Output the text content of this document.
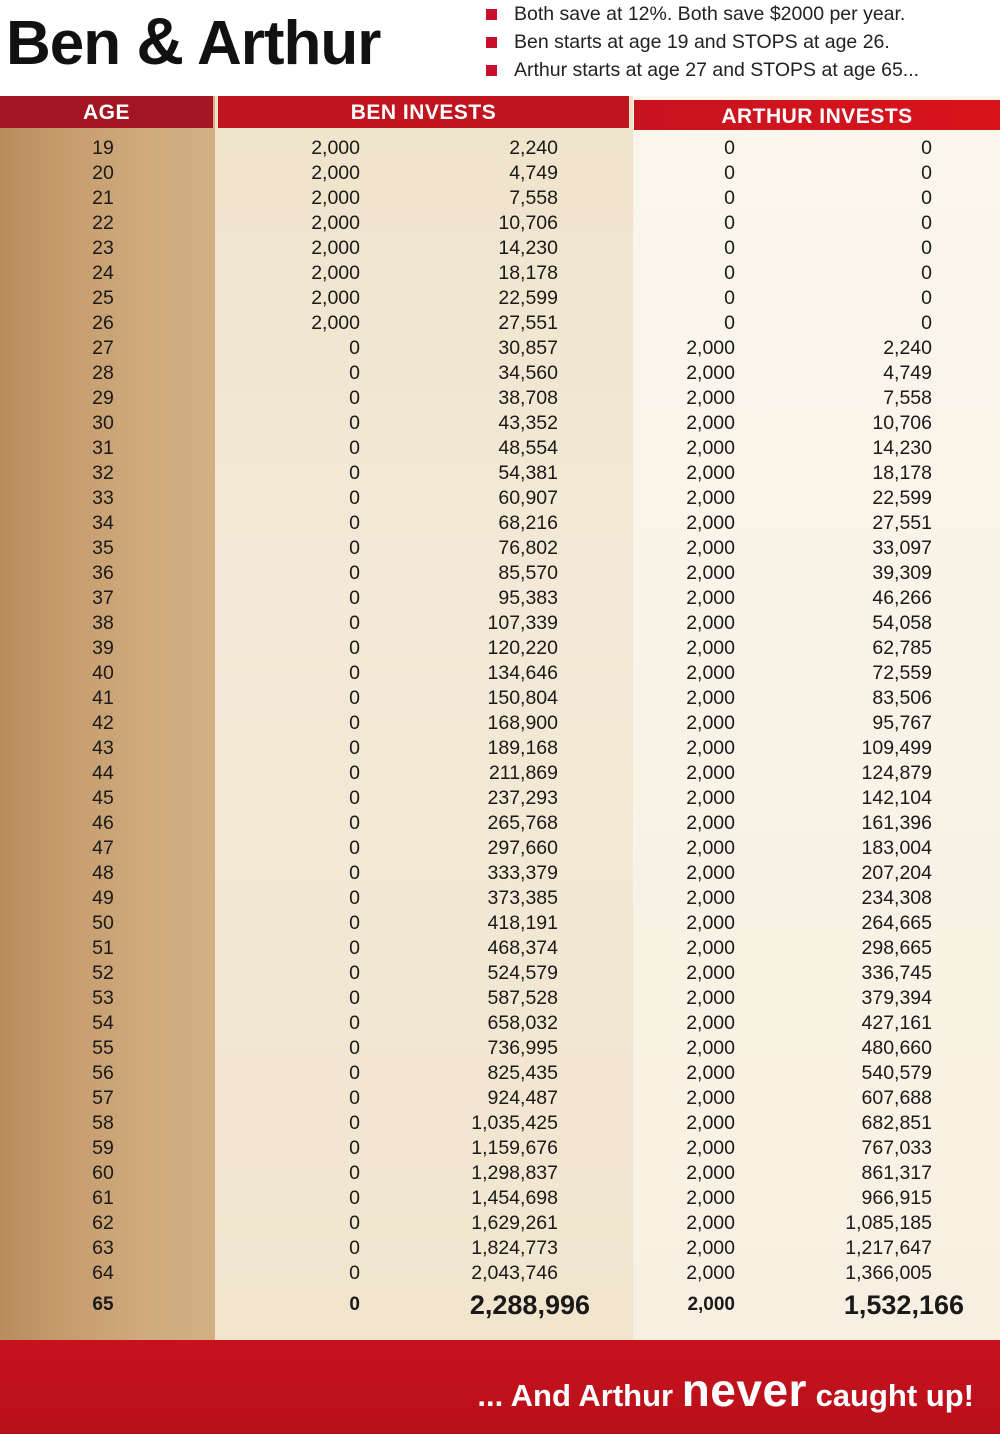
Ben & Arthur	Both save at 12%. Both save $2000 per year.
Ben starts at age 19 and STOPS at age 26.
Arthur starts at age 27 and STOPS at age 65...
AGE	BEN INVESTS	ARTHUR INVESTS
19	2,000	2,240	0	0
20	2,000	4,749	0	0
21	2,000	7,558	0	0
22	2,000	10,706	0	0
23	2,000	14,230	0	0
24	2,000	18,178	0	0
25	2,000	22,599	0	0
26	2,000	27,551	0	0
27	0	30,857	2,000	2,240
28	0	34,560	2,000	4,749
29	0	38,708	2,000	7,558
30	0	43,352	2,000	10,706
31	0	48,554	2,000	14,230
32	0	54,381	2,000	18,178
33	0	60,907	2,000	22,599
34	0	68,216	2,000	27,551
35	0	76,802	2,000	33,097
36	0	85,570	2,000	39,309
37	0	95,383	2,000	46,266
38	0	107,339	2,000	54,058
39	0	120,220	2,000	62,785
40	0	134,646	2,000	72,559
41	0	150,804	2,000	83,506
42	0	168,900	2,000	95,767
43	0	189,168	2,000	109,499
44	0	211,869	2,000	124,879
45	0	237,293	2,000	142,104
46	0	265,768	2,000	161,396
47	0	297,660	2,000	183,004
48	0	333,379	2,000	207,204
49	0	373,385	2,000	234,308
50	0	418,191	2,000	264,665
51	0	468,374	2,000	298,665
52	0	524,579	2,000	336,745
53	0	587,528	2,000	379,394
54	0	658,032	2,000	427,161
55	0	736,995	2,000	480,660
56	0	825,435	2,000	540,579
57	0	924,487	2,000	607,688
58	0	1,035,425	2,000	682,851
59	0	1,159,676	2,000	767,033
60	0	1,298,837	2,000	861,317
61	0	1,454,698	2,000	966,915
62	0	1,629,261	2,000	1,085,185
63	0	1,824,773	2,000	1,217,647
64	0	2,043,746	2,000	1,366,005
65	0	2,288,996	2,000	1,532,166
... And Arthur never caught up!
